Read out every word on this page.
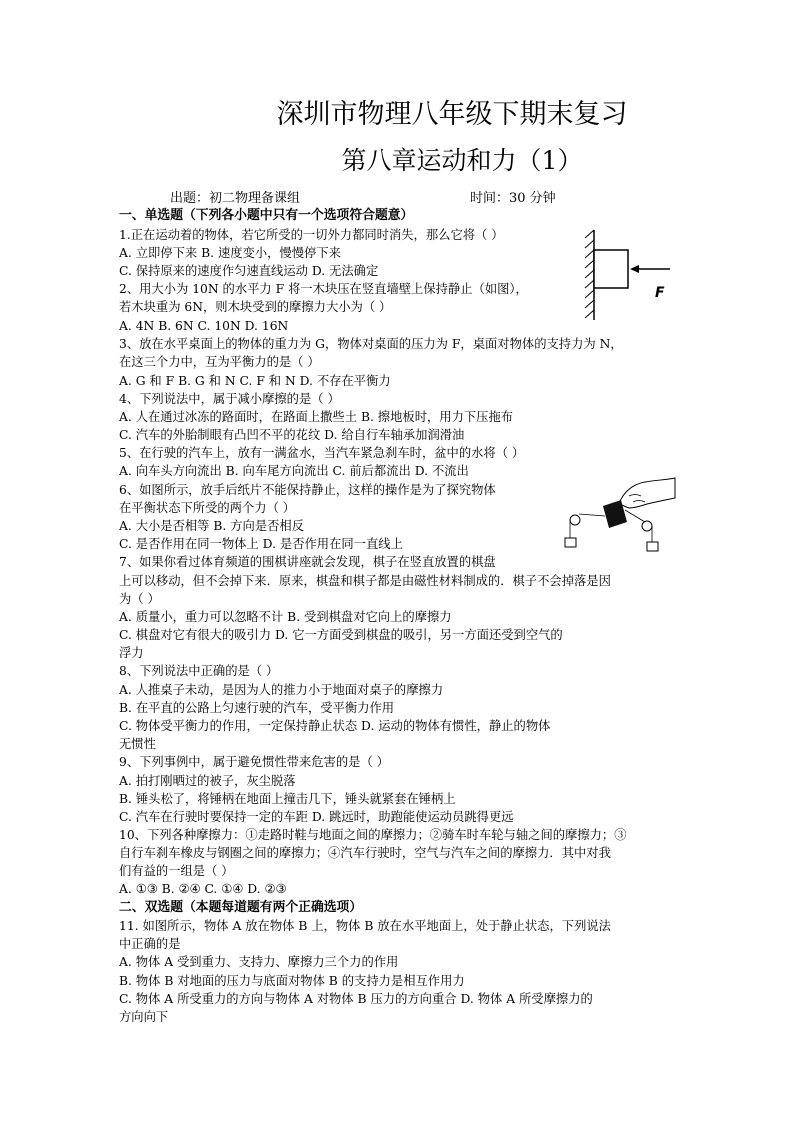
深圳市物理八年级下期末复习
第八章运动和力（1）
出题：初二物理备课组	时间：30 分钟
一、单选题（下列各小题中只有一个选项符合题意）
1.正在运动着的物体，若它所受的一切外力都同时消失，那么它将（ ）
A. 立即停下来 B. 速度变小，慢慢停下来
C. 保持原来的速度作匀速直线运动 D. 无法确定
2、用大小为 10N 的水平力 F 将一木块压在竖直墙壁上保持静止（如图），
若木块重为 6N，则木块受到的摩擦力大小为（ ）
A. 4N B. 6N C. 10N D. 16N
3、放在水平桌面上的物体的重力为 G，物体对桌面的压力为 F，桌面对物体的支持力为 N，
在这三个力中，互为平衡力的是（ ）
A. G 和 F B. G 和 N C. F 和 N D. 不存在平衡力
4、下列说法中，属于减小摩擦的是（ ）
A. 人在通过冰冻的路面时，在路面上撒些土 B. 擦地板时，用力下压拖布
C. 汽车的外胎制眼有凸凹不平的花纹 D. 给自行车轴承加润滑油
5、在行驶的汽车上，放有一满盆水，当汽车紧急刹车时，盆中的水将（ ）
A. 向车头方向流出 B. 向车尾方向流出 C. 前后都流出 D. 不流出
6、如图所示，放手后纸片不能保持静止，这样的操作是为了探究物体
在平衡状态下所受的两个力（ ）
A. 大小是否相等 B. 方向是否相反
C. 是否作用在同一物体上 D. 是否作用在同一直线上
7、如果你看过体育频道的围棋讲座就会发现，棋子在竖直放置的棋盘
上可以移动，但不会掉下来．原来，棋盘和棋子都是由磁性材料制成的．棋子不会掉落是因
为（ ）
A. 质量小，重力可以忽略不计 B. 受到棋盘对它向上的摩擦力
C. 棋盘对它有很大的吸引力 D. 它一方面受到棋盘的吸引，另一方面还受到空气的
浮力
8、下列说法中正确的是（ ）
A. 人推桌子未动，是因为人的推力小于地面对桌子的摩擦力
B. 在平直的公路上匀速行驶的汽车，受平衡力作用
C. 物体受平衡力的作用，一定保持静止状态 D. 运动的物体有惯性，静止的物体
无惯性
9、下列事例中，属于避免惯性带来危害的是（ ）
A. 拍打刚晒过的被子，灰尘脱落
B. 锤头松了，将锤柄在地面上撞击几下，锤头就紧套在锤柄上
C. 汽车在行驶时要保持一定的车距 D. 跳远时，助跑能使运动员跳得更远
10、下列各种摩擦力：①走路时鞋与地面之间的摩擦力；②骑车时车轮与轴之间的摩擦力；③
自行车刹车橡皮与钢圈之间的摩擦力；④汽车行驶时，空气与汽车之间的摩擦力．其中对我
们有益的一组是（ ）
A. ①③ B. ②④ C. ①④ D. ②③
二、双选题（本题每道题有两个正确选项）
11. 如图所示，物体 A 放在物体 B 上，物体 B 放在水平地面上，处于静止状态，下列说法
中正确的是
A. 物体 A 受到重力、支持力、摩擦力三个力的作用
B. 物体 B 对地面的压力与底面对物体 B 的支持力是相互作用力
C. 物体 A 所受重力的方向与物体 A 对物体 B 压力的方向重合 D. 物体 A 所受摩擦力的
方向向下
F
